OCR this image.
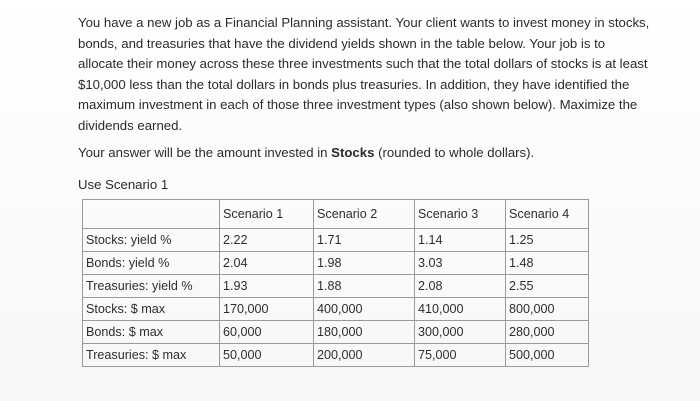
You have a new job as a Financial Planning assistant. Your client wants to invest money in stocks,
bonds, and treasuries that have the dividend yields shown in the table below. Your job is to
allocate their money across these three investments such that the total dollars of stocks is at least
$10,000 less than the total dollars in bonds plus treasuries. In addition, they have identified the
maximum investment in each of those three investment types (also shown below). Maximize the
dividends earned.
Your answer will be the amount invested in Stocks (rounded to whole dollars).
Use Scenario 1
	Scenario 1	Scenario 2	Scenario 3	Scenario 4
Stocks: yield %	2.22	1.71	1.14	1.25
Bonds: yield %	2.04	1.98	3.03	1.48
Treasuries: yield %	1.93	1.88	2.08	2.55
Stocks: $ max	170,000	400,000	410,000	800,000
Bonds: $ max	60,000	180,000	300,000	280,000
Treasuries: $ max	50,000	200,000	75,000	500,000
